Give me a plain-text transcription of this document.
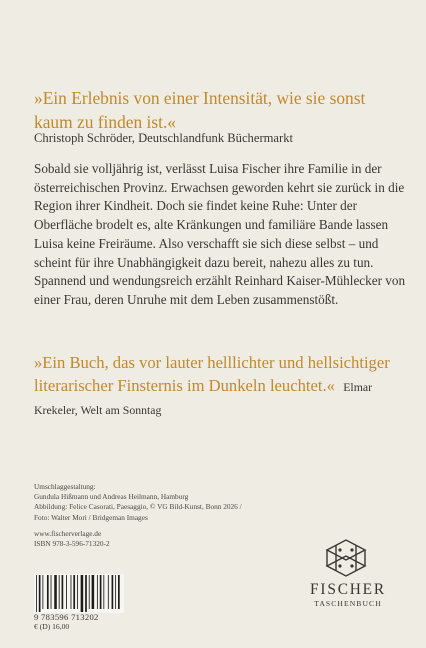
»Ein Erlebnis von einer Intensität, wie sie sonst kaum zu finden ist.«

Christoph Schröder, Deutschlandfunk Büchermarkt

Sobald sie volljährig ist, verlässt Luisa Fischer ihre Familie in der österreichischen Provinz. Erwachsen geworden kehrt sie zurück in die Region ihrer Kindheit. Doch sie findet keine Ruhe: Unter der Oberfläche brodelt es, alte Kränkungen und familiäre Bande lassen Luisa keine Freiräume. Also verschafft sie sich diese selbst – und scheint für ihre Unabhängigkeit dazu bereit, nahezu alles zu tun. Spannend und wendungsreich erzählt Reinhard Kaiser-Mühlecker von einer Frau, deren Unruhe mit dem Leben zusammenstößt.

»Ein Buch, das vor lauter helllichter und hellsichtiger literarischer Finsternis im Dunkeln leuchtet.« Elmar Krekeler, Welt am Sonntag

Umschlaggestaltung:
Gundula Hißmann und Andreas Heilmann, Hamburg
Abbildung: Felice Casorati, Paesaggio, © VG Bild-Kunst, Bonn 2026 /
Foto: Walter Mori / Bridgeman Images
www.fischerverlage.de
ISBN 978-3-596-71320-2
9 783596 713202
€ (D) 16,00
FISCHER
TASCHENBUCH
